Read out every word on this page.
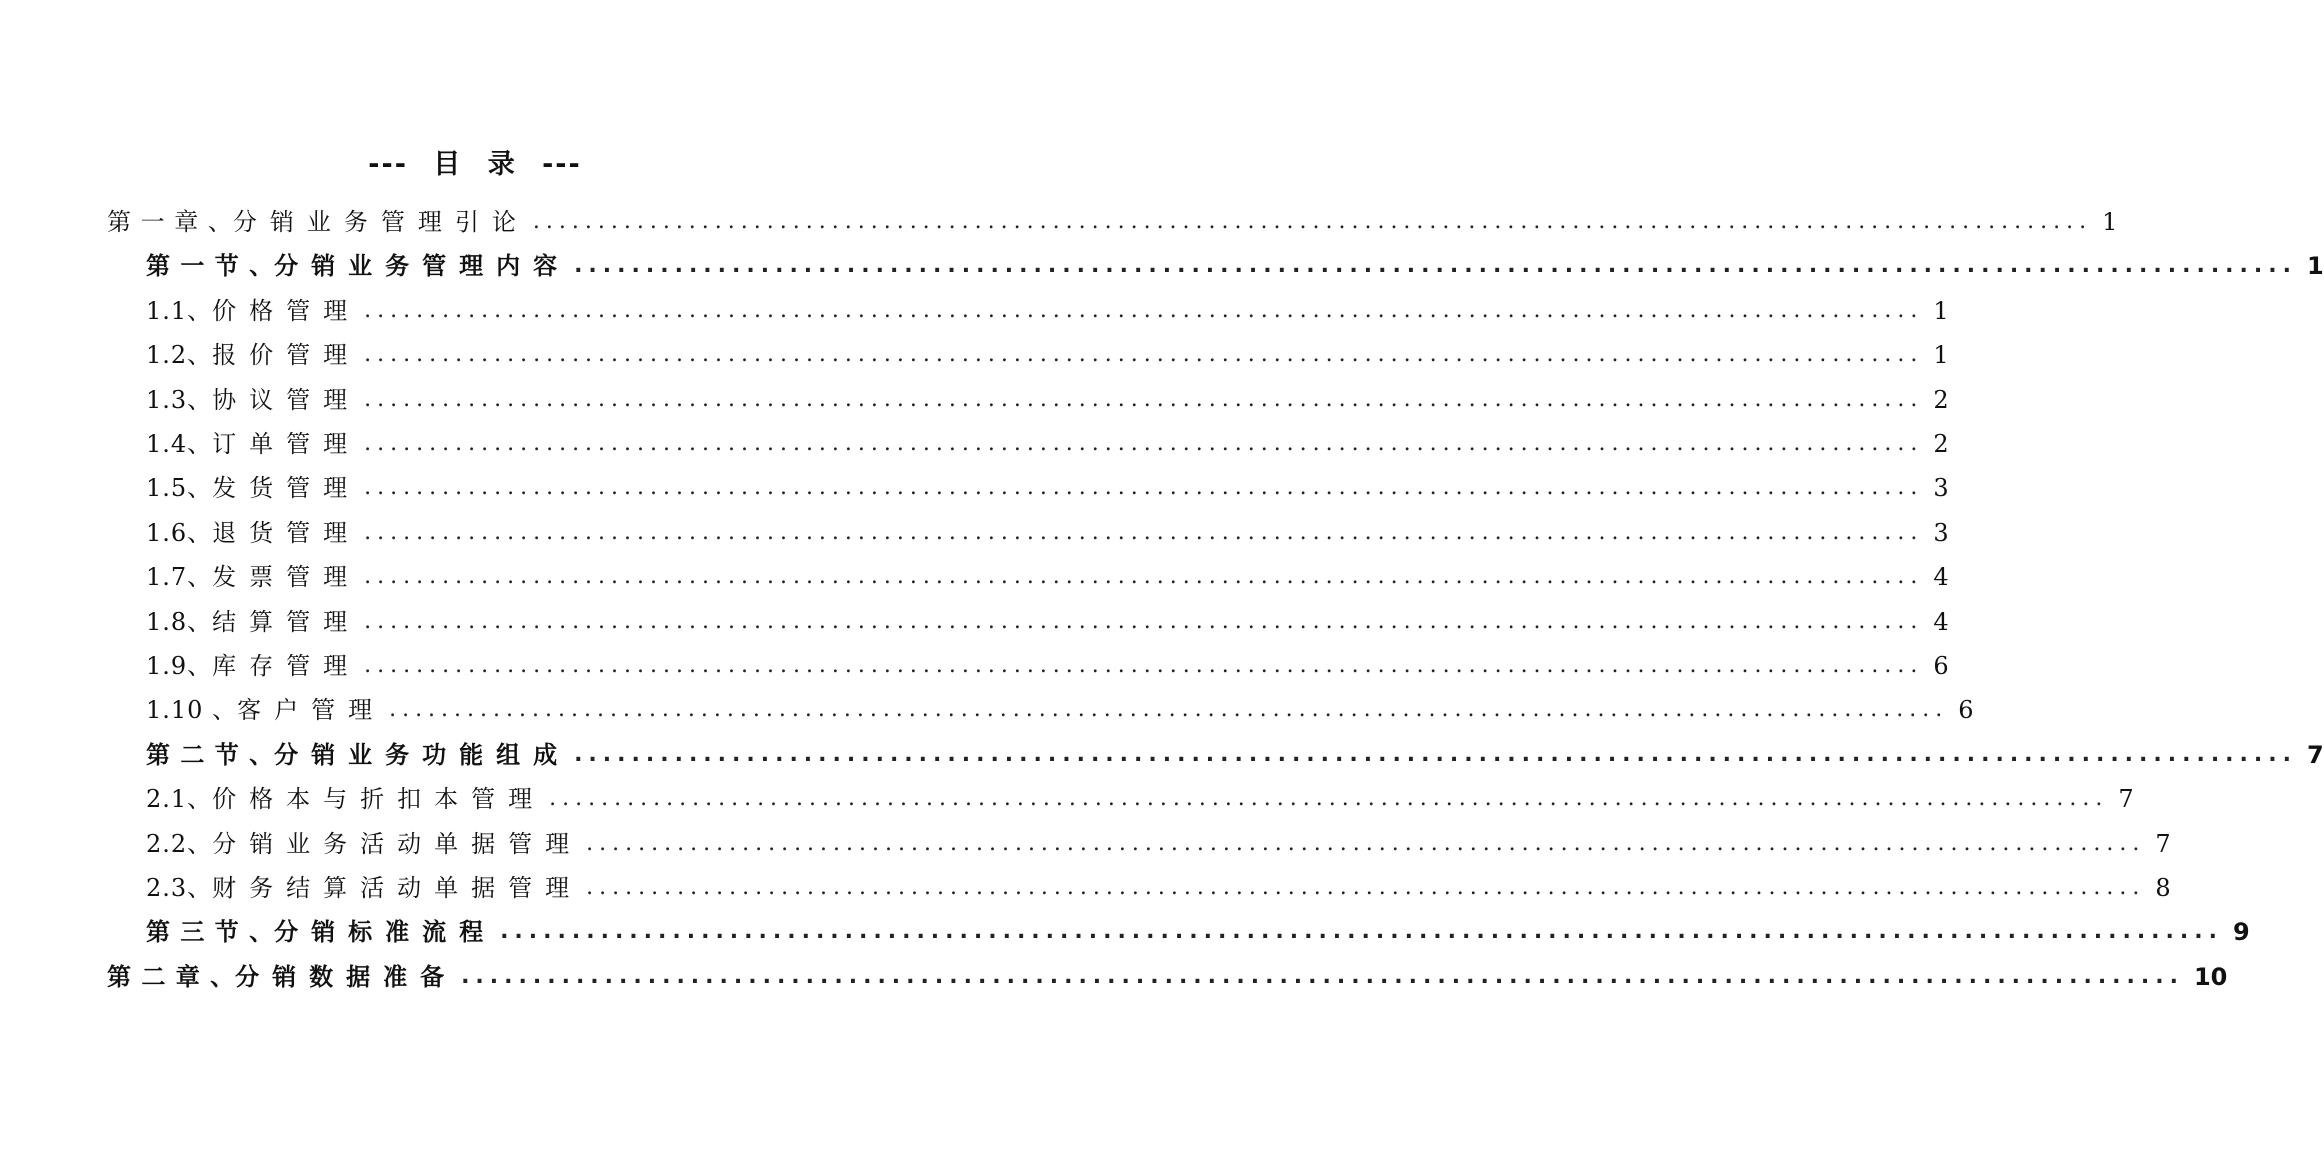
--- 目 录 ---
第 一 章 、 分销业务管理引论 ........................................................................................................................ 1
第 一 节 、 分销业务管理内容 ........................................................................................................................ 1
1.1、 价格管理 ........................................................................................................................ 1
1.2、 报价管理 ........................................................................................................................ 1
1.3、 协议管理 ........................................................................................................................ 2
1.4、 订单管理 ........................................................................................................................ 2
1.5、 发货管理 ........................................................................................................................ 3
1.6、 退货管理 ........................................................................................................................ 3
1.7、 发票管理 ........................................................................................................................ 4
1.8、 结算管理 ........................................................................................................................ 4
1.9、 库存管理 ........................................................................................................................ 6
1.10 、 客户管理 ........................................................................................................................ 6
第 二 节 、 分销业务功能组成 ........................................................................................................................ 7
2.1、 价格本与折扣本管理 ........................................................................................................................ 7
2.2、 分销业务活动单据管理 ........................................................................................................................ 7
2.3、 财务结算活动单据管理 ........................................................................................................................ 8
第 三 节 、 分销标准流程 ........................................................................................................................ 9
第 二 章 、 分销数据准备 ........................................................................................................................ 10
